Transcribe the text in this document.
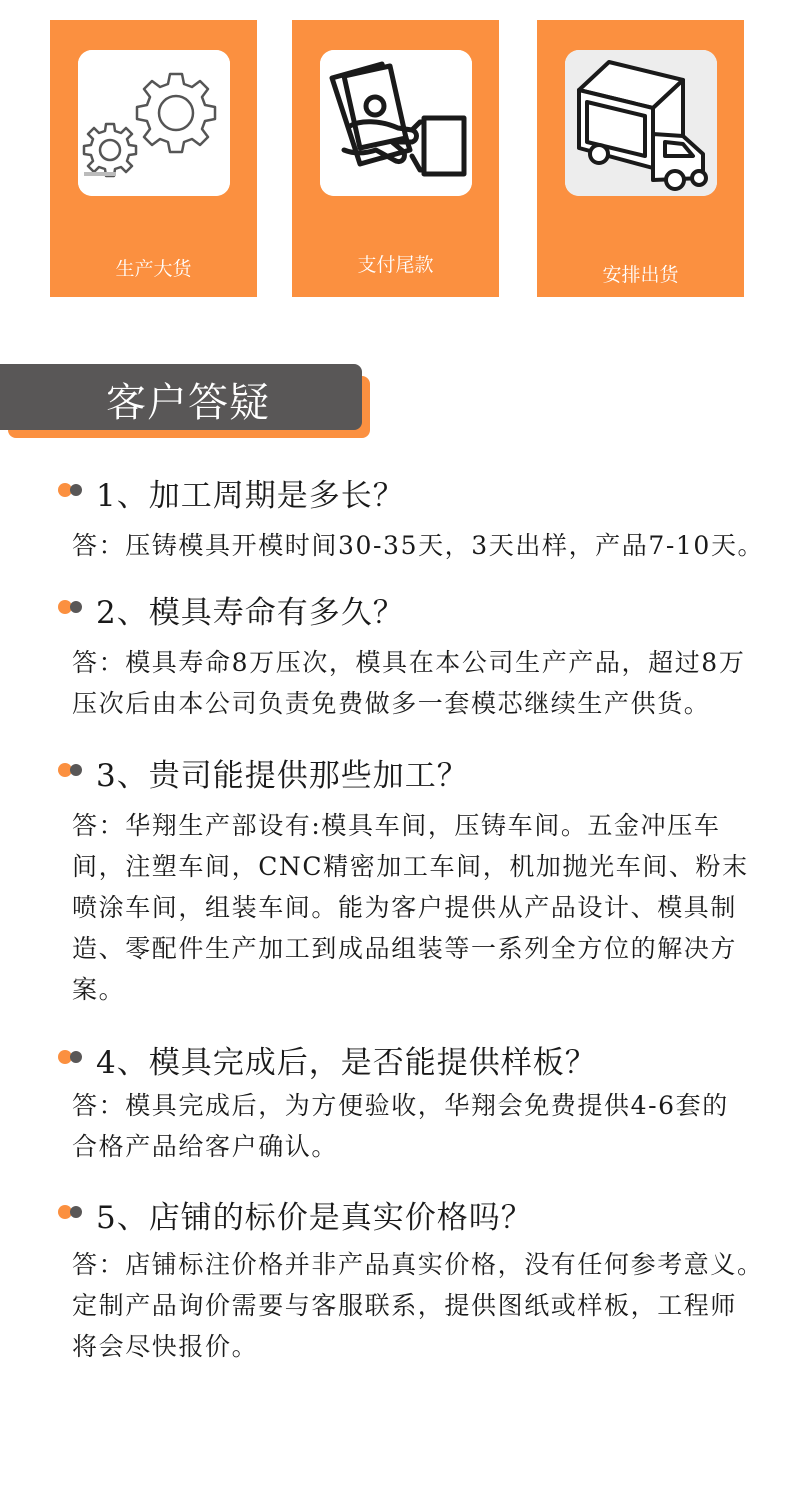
生产大货	支付尾款	安排出货
客户答疑
1、加工周期是多长？
答：压铸模具开模时间30-35天，3天出样，产品7-10天。
2、模具寿命有多久？
答：模具寿命8万压次，模具在本公司生产产品，超过8万
压次后由本公司负责免费做多一套模芯继续生产供货。
3、贵司能提供那些加工？
答：华翔生产部设有:模具车间，压铸车间。五金冲压车
间，注塑车间，CNC精密加工车间，机加抛光车间、粉末
喷涂车间，组装车间。能为客户提供从产品设计、模具制
造、零配件生产加工到成品组装等一系列全方位的解决方
案。
4、模具完成后，是否能提供样板？
答：模具完成后，为方便验收，华翔会免费提供4-6套的
合格产品给客户确认。
5、店铺的标价是真实价格吗？
答：店铺标注价格并非产品真实价格，没有任何参考意义。
定制产品询价需要与客服联系，提供图纸或样板，工程师
将会尽快报价。
